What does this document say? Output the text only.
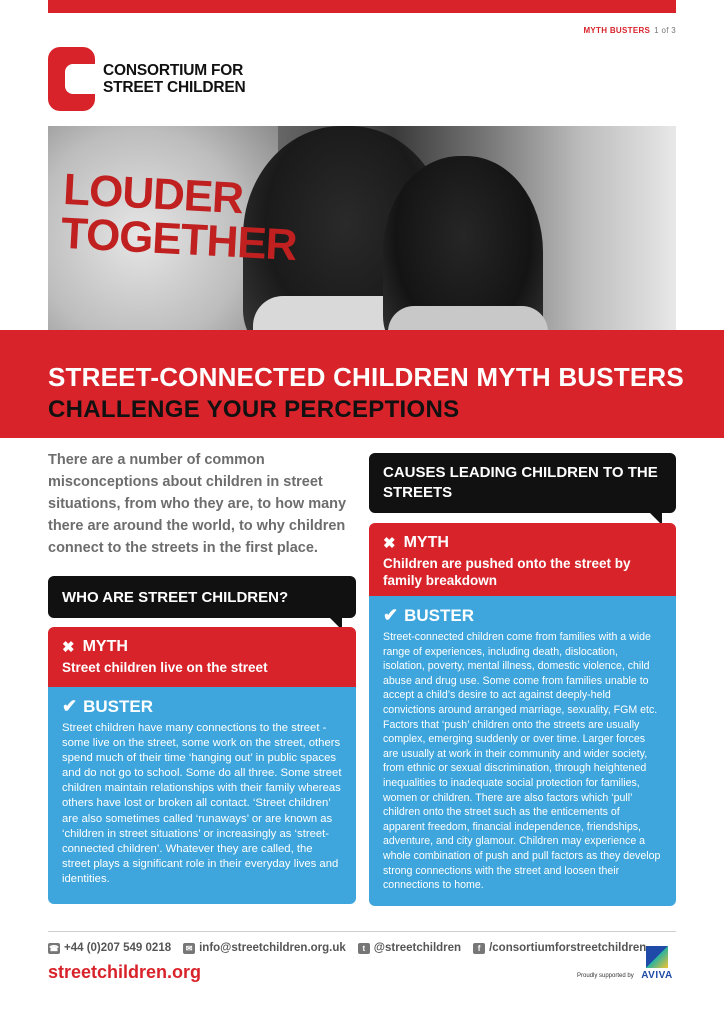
MYTH BUSTERS 1 of 3
CONSORTIUM FOR
STREET CHILDREN
LOUDER
TOGETHER
STREET-CONNECTED CHILDREN MYTH BUSTERS
CHALLENGE YOUR PERCEPTIONS
There are a number of common misconceptions about children in street situations, from who they are, to how many there are around the world, to why children connect to the streets in the first place.
WHO ARE STREET CHILDREN?
✖ MYTH
Street children live on the street
✔ BUSTER
Street children have many connections to the street - some live on the street, some work on the street, others spend much of their time ‘hanging out’ in public spaces and do not go to school. Some do all three. Some street children maintain relationships with their family whereas others have lost or broken all contact. ‘Street children’ are also sometimes called ‘runaways’ or are known as ‘children in street situations’ or increasingly as ‘street-connected children’. Whatever they are called, the street plays a significant role in their everyday lives and identities.
CAUSES LEADING CHILDREN TO THE STREETS
✖ MYTH
Children are pushed onto the street by family breakdown
✔ BUSTER
Street-connected children come from families with a wide range of experiences, including death, dislocation, isolation, poverty, mental illness, domestic violence, child abuse and drug use. Some come from families unable to accept a child’s desire to act against deeply-held convictions around arranged marriage, sexuality, FGM etc. Factors that ‘push’ children onto the streets are usually complex, emerging suddenly or over time. Larger forces are usually at work in their community and wider society, from ethnic or sexual discrimination, through heightened inequalities to inadequate social protection for families, women or children. There are also factors which ‘pull’ children onto the street such as the enticements of apparent freedom, financial independence, friendships, adventure, and city glamour. Children may experience a whole combination of push and pull factors as they develop strong connections with the street and loosen their connections to home.
☎ +44 (0)207 549 0218	✉ info@streetchildren.org.uk	t @streetchildren	f /consortiumforstreetchildren
streetchildren.org	Proudly supported by AVIVA
